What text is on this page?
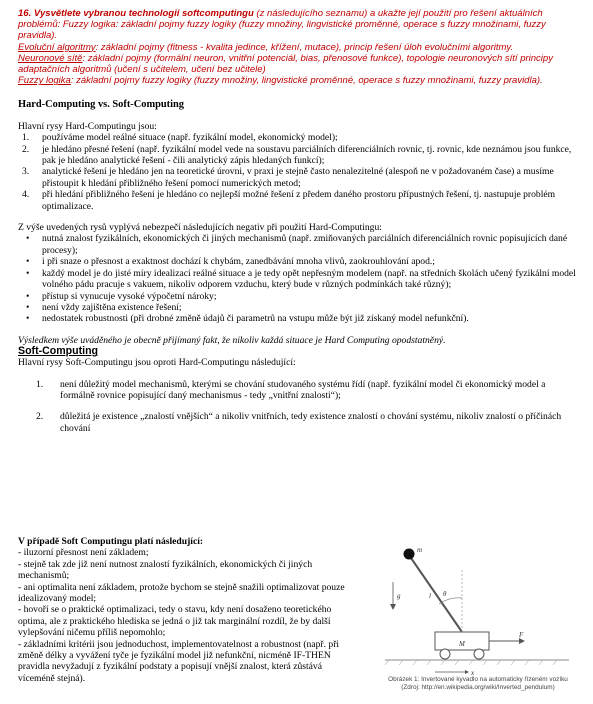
16. Vysvětlete vybranou technologii softcomputingu (z následujícího seznamu) a ukažte její použití pro řešení aktuálních problémů: Fuzzy logika: základní pojmy fuzzy logiky (fuzzy množiny, lingvistické proměnné, operace s fuzzy množinami, fuzzy pravidla).

Evoluční algoritmy: základní pojmy (fitness - kvalita jedince, křížení, mutace), princip řešení úloh evolučními algoritmy.

Neuronové sítě: základní pojmy (formální neuron, vnitřní potenciál, bias, přenosové funkce), topologie neuronových sítí principy adaptačních algoritmů (učení s učitelem, učení bez učitele)

Fuzzy logika: základní pojmy fuzzy logiky (fuzzy množiny, lingvistické proměnné, operace s fuzzy množinami, fuzzy pravidla).

Hard-Computing vs. Soft-Computing

Hlavní rysy Hard-Computingu jsou:

1. používáme model reálné situace (např. fyzikální model, ekonomický model);
2. je hledáno přesné řešení (např. fyzikální model vede na soustavu parciálních diferenciálních rovnic, tj. rovnic, kde neznámou jsou funkce, pak je hledáno analytické řešení - čili analytický zápis hledaných funkcí);
3. analytické řešení je hledáno jen na teoretické úrovni, v praxi je stejně často nenalezitelné (alespoň ne v požadovaném čase) a musíme přistoupit k hledání přibližného řešení pomocí numerických metod;
4. při hledání přibližného řešení je hledáno co nejlepší možné řešení z předem daného prostoru přípustných řešení, tj. nastupuje problém optimalizace.

Z výše uvedených rysů vyplývá nebezpečí následujících negativ při použití Hard-Computingu:

• nutná znalost fyzikálních, ekonomických či jiných mechanismů (např. zmiňovaných parciálních diferenciálních rovnic popisujících dané procesy);
• i při snaze o přesnost a exaktnost dochází k chybám, zanedbávání mnoha vlivů, zaokrouhlování apod.;
• každý model je do jisté míry idealizací reálné situace a je tedy opět nepřesným modelem (např. na středních školách učený fyzikální model volného pádu pracuje s vakuem, nikoliv odporem vzduchu, který bude v různých podmínkách také různý);
• přístup si vynucuje vysoké výpočetní nároky;
• není vždy zajištěna existence řešení;
• nedostatek robustnosti (při drobné změně údajů či parametrů na vstupu může být již získaný model nefunkční).

Výsledkem výše uváděného je obecně přijímaný fakt, že nikoliv každá situace je Hard Computing opodstatněný.

Soft-Computing

Hlavní rysy Soft-Computingu jsou oproti Hard-Computingu následující:

1. není důležitý model mechanismů, kterými se chování studovaného systému řídí (např. fyzikální model či ekonomický model a formálně rovnice popisující daný mechanismus - tedy „vnitřní znalosti“);
2. důležitá je existence „znalostí vnějších“ a nikoliv vnitřních, tedy existence znalostí o chování systému, nikoliv znalostí o příčinách chování

V případě Soft Computingu platí následující:

- iluzorní přesnost není základem;

- stejně tak zde již není nutnost znalostí fyzikálních, ekonomických či jiných mechanismů;

- ani optimalita není základem, protože bychom se stejně snažili optimalizovat pouze idealizovaný model;

- hovoří se o praktické optimalizaci, tedy o stavu, kdy není dosaženo teoretického optima, ale z praktického hlediska se jedná o již tak marginální rozdíl, že by další vylepšování ničemu příliš nepomohlo;

- základními kritérii jsou jednoduchost, implementovatelnost a robustnost (např. při změně délky a vyvážení tyče je fyzikální model již nefunkční, nicméně IF-THEN pravidla nevyžadují z fyzikální podstaty a popisují vnější znalost, která zůstává víceméně stejná).

θ
m
l
x
M
F
g
Obrázek 1: Invertované kyvadlo na automaticky řízeném vozíku
(Zdroj: http://en.wikipedia.org/wiki/Inverted_pendulum)
